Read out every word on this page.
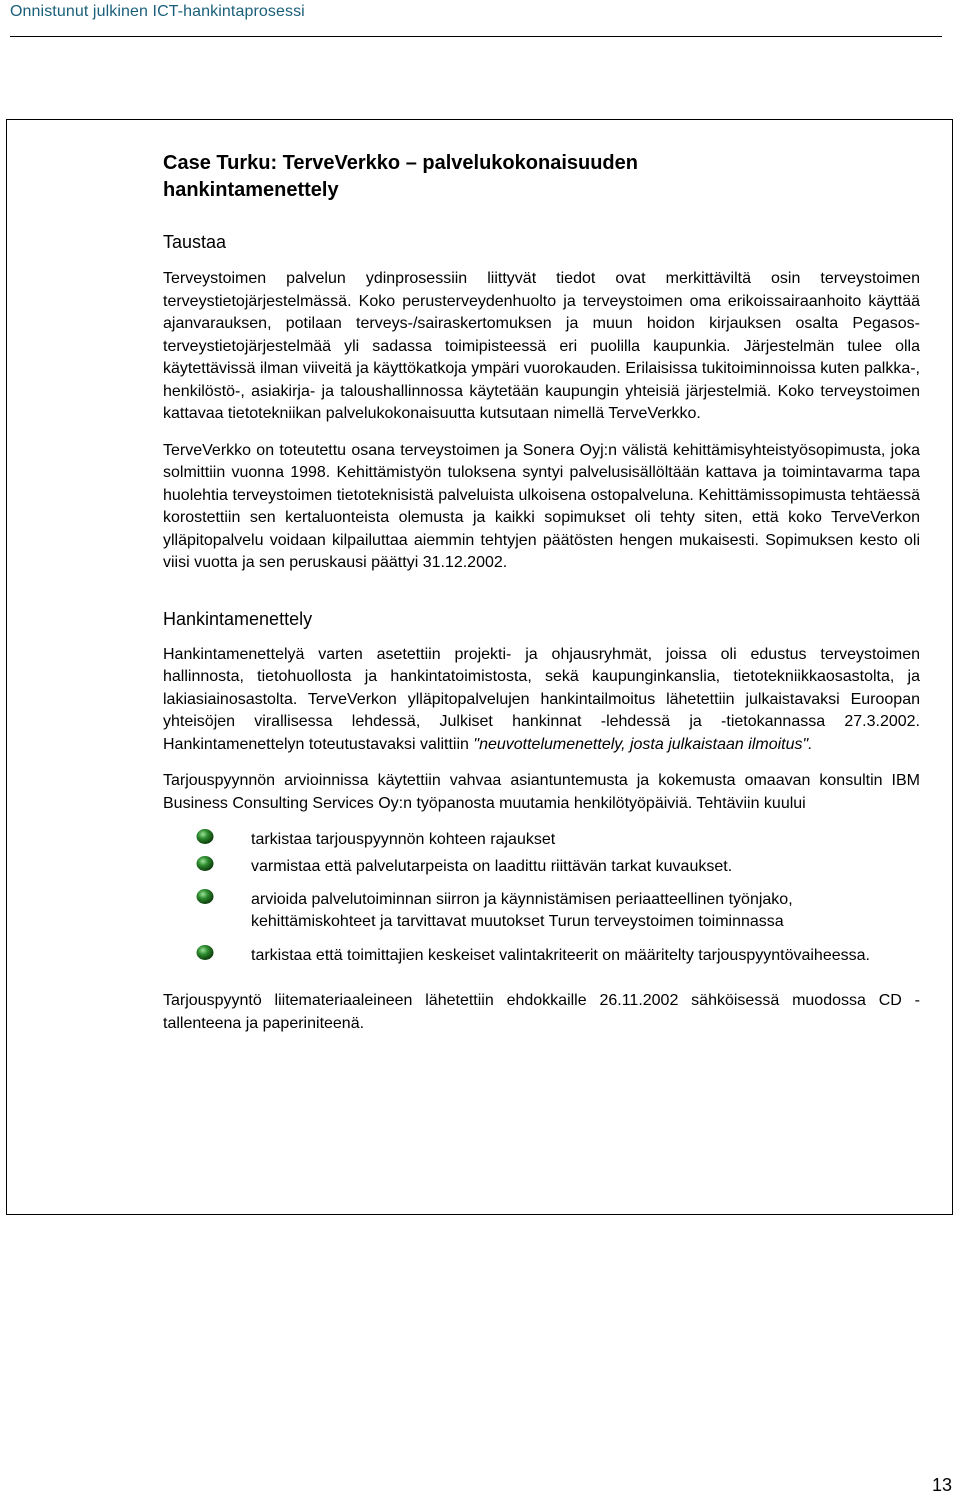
Onnistunut julkinen ICT-hankintaprosessi
Case Turku: TerveVerkko – palvelukokonaisuuden
hankintamenettely
Taustaa

Terveystoimen palvelun ydinprosessiin liittyvät tiedot ovat merkittäviltä osin terveystoimen terveystietojärjestelmässä. Koko perusterveydenhuolto ja terveystoimen oma erikoissairaanhoito käyttää ajanvarauksen, potilaan terveys-/sairaskertomuksen ja muun hoidon kirjauksen osalta Pegasos-terveystietojärjestelmää yli sadassa toimipisteessä eri puolilla kaupunkia. Järjestelmän tulee olla käytettävissä ilman viiveitä ja käyttökatkoja ympäri vuorokauden. Erilaisissa tukitoiminnoissa kuten palkka-, henkilöstö-, asiakirja- ja taloushallinnossa käytetään kaupungin yhteisiä järjestelmiä. Koko terveystoimen kattavaa tietotekniikan palvelukokonaisuutta kutsutaan nimellä TerveVerkko.

TerveVerkko on toteutettu osana terveystoimen ja Sonera Oyj:n välistä kehittämisyhteistyösopimusta, joka solmittiin vuonna 1998. Kehittämistyön tuloksena syntyi palvelusisällöltään kattava ja toimintavarma tapa huolehtia terveystoimen tietoteknisistä palveluista ulkoisena ostopalveluna. Kehittämissopimusta tehtäessä korostettiin sen kertaluonteista olemusta ja kaikki sopimukset oli tehty siten, että koko TerveVerkon ylläpitopalvelu voidaan kilpailuttaa aiemmin tehtyjen päätösten hengen mukaisesti. Sopimuksen kesto oli viisi vuotta ja sen peruskausi päättyi 31.12.2002.

Hankintamenettely

Hankintamenettelyä varten asetettiin projekti- ja ohjausryhmät, joissa oli edustus terveystoimen hallinnosta, tietohuollosta ja hankintatoimistosta, sekä kaupunginkanslia, tietotekniikkaosastolta, ja lakiasiainosastolta. TerveVerkon ylläpitopalvelujen hankintailmoitus lähetettiin julkaistavaksi Euroopan yhteisöjen virallisessa lehdessä, Julkiset hankinnat -lehdessä ja -tietokannassa 27.3.2002. Hankintamenettelyn toteutustavaksi valittiin "neuvottelumenettely, josta julkaistaan ilmoitus".

Tarjouspyynnön arvioinnissa käytettiin vahvaa asiantuntemusta ja kokemusta omaavan konsultin IBM Business Consulting Services Oy:n työpanosta muutamia henkilötyöpäiviä. Tehtäviin kuului

tarkistaa tarjouspyynnön kohteen rajaukset
varmistaa että palvelutarpeista on laadittu riittävän tarkat kuvaukset.
arvioida palvelutoiminnan siirron ja käynnistämisen periaatteellinen työnjako, kehittämiskohteet ja tarvittavat muutokset Turun terveystoimen toiminnassa
tarkistaa että toimittajien keskeiset valintakriteerit on määritelty tarjouspyyntövaiheessa.

Tarjouspyyntö liitemateriaaleineen lähetettiin ehdokkaille 26.11.2002 sähköisessä muodossa CD -tallenteena ja paperiniteenä.

13
